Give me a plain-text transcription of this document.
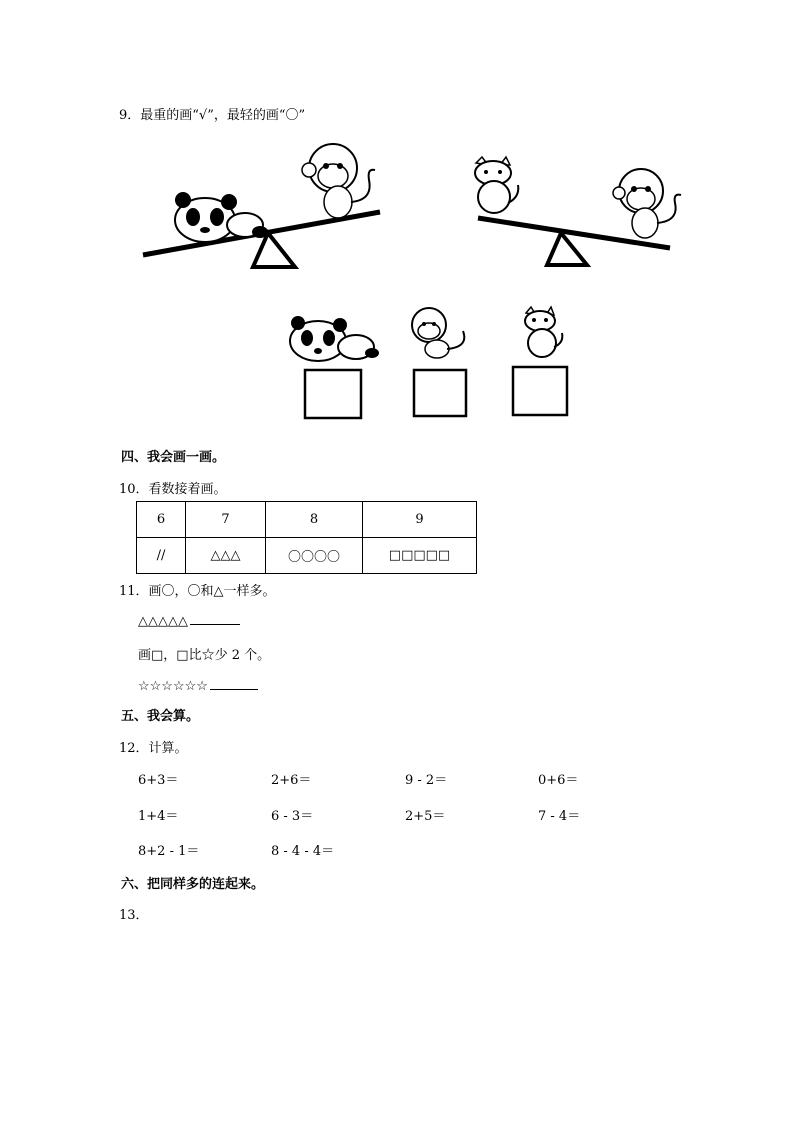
9．最重的画“√”，最轻的画“〇”
四、我会画一画。
10．看数接着画。
6	7	8	9
//	△△△	〇〇〇〇	□□□□□
11．画〇，〇和△一样多。
△△△△△
画□，□比☆少 2 个。
☆☆☆☆☆☆
五、我会算。
12．计算。
6+3＝	2+6＝	9 - 2＝	0+6＝
1+4＝	6 - 3＝	2+5＝	7 - 4＝
8+2 - 1＝	8 - 4 - 4＝
六、把同样多的连起来。
13．
